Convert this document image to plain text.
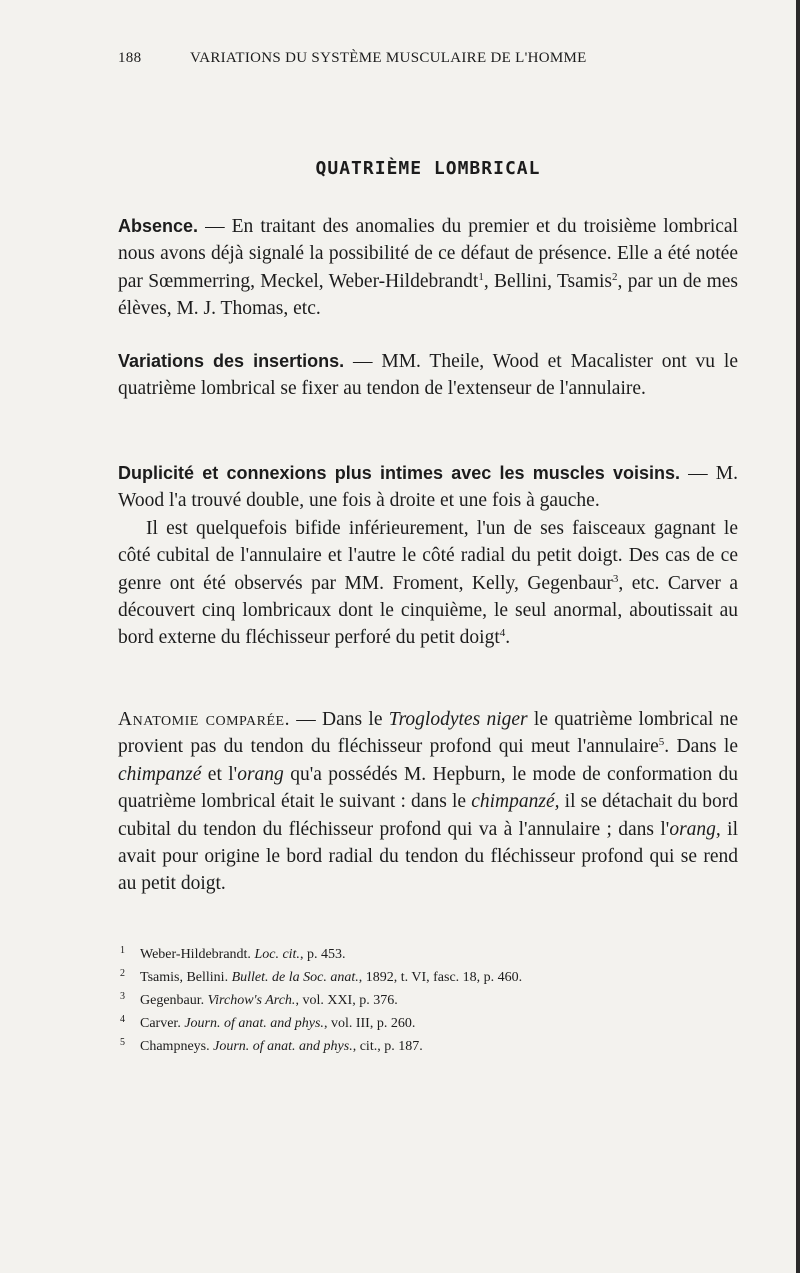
188	VARIATIONS DU SYSTÈME MUSCULAIRE DE L'HOMME
QUATRIÈME LOMBRICAL

Absence. — En traitant des anomalies du premier et du troisième lombrical nous avons déjà signalé la possibilité de ce défaut de présence. Elle a été notée par Sœmmerring, Meckel, Weber-Hildebrandt$^1$, Bellini, Tsamis$^2$, par un de mes élèves, M. J. Thomas, etc.

Variations des insertions. — MM. Theile, Wood et Macalister ont vu le quatrième lombrical se fixer au tendon de l'extenseur de l'annulaire.

Duplicité et connexions plus intimes avec les muscles voisins. — M. Wood l'a trouvé double, une fois à droite et une fois à gauche.

Il est quelquefois bifide inférieurement, l'un de ses faisceaux gagnant le côté cubital de l'annulaire et l'autre le côté radial du petit doigt. Des cas de ce genre ont été observés par MM. Froment, Kelly, Gegenbaur$^3$, etc. Carver a découvert cinq lombricaux dont le cinquième, le seul anormal, aboutissait au bord externe du fléchisseur perforé du petit doigt$^4$.

Anatomie comparée. — Dans le Troglodytes niger le quatrième lombrical ne provient pas du tendon du fléchisseur profond qui meut l'annulaire$^5$. Dans le chimpanzé et l'orang qu'a possédés M. Hepburn, le mode de conformation du quatrième lombrical était le suivant : dans le chimpanzé, il se détachait du bord cubital du tendon du fléchisseur profond qui va à l'annulaire ; dans l'orang, il avait pour origine le bord radial du tendon du fléchisseur profond qui se rend au petit doigt.

1 Weber-Hildebrandt. Loc. cit., p. 453.
2 Tsamis, Bellini. Bullet. de la Soc. anat., 1892, t. VI, fasc. 18, p. 460.
3 Gegenbaur. Virchow's Arch., vol. XXI, p. 376.
4 Carver. Journ. of anat. and phys., vol. III, p. 260.
5 Champneys. Journ. of anat. and phys., cit., p. 187.
